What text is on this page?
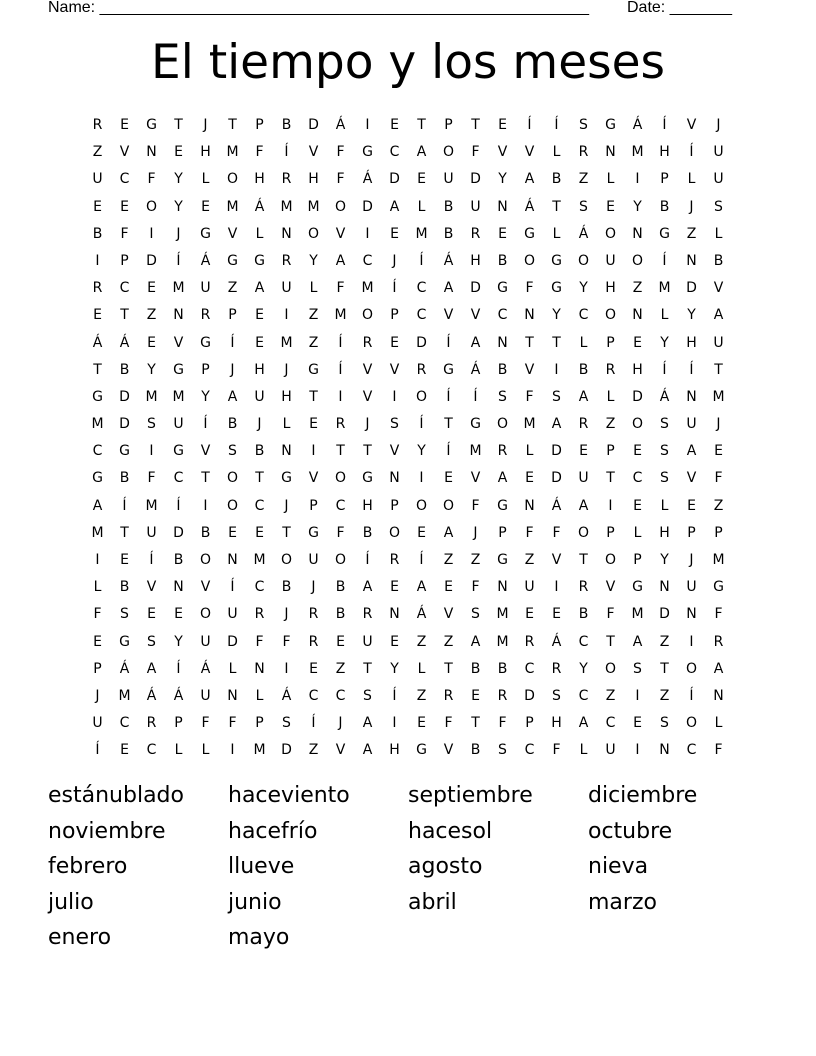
Name: _______________________________________________________ Date: _______
El tiempo y los meses
R	E	G	T	J	T	P	B	D	Á	I	E	T	P	T	E	Í	Í	S	G	Á	Í	V	J
Z	V	N	E	H	M	F	Í	V	F	G	C	A	O	F	V	V	L	R	N	M	H	Í	U
U	C	F	Y	L	O	H	R	H	F	Á	D	E	U	D	Y	A	B	Z	L	I	P	L	U
E	E	O	Y	E	M	Á	M	M	O	D	A	L	B	U	N	Á	T	S	E	Y	B	J	S
B	F	I	J	G	V	L	N	O	V	I	E	M	B	R	E	G	L	Á	O	N	G	Z	L
I	P	D	Í	Á	G	G	R	Y	A	C	J	Í	Á	H	B	O	G	O	U	O	Í	N	B
R	C	E	M	U	Z	A	U	L	F	M	Í	C	A	D	G	F	G	Y	H	Z	M	D	V
E	T	Z	N	R	P	E	I	Z	M	O	P	C	V	V	C	N	Y	C	O	N	L	Y	A
Á	Á	E	V	G	Í	E	M	Z	Í	R	E	D	Í	A	N	T	T	L	P	E	Y	H	U
T	B	Y	G	P	J	H	J	G	Í	V	V	R	G	Á	B	V	I	B	R	H	Í	Í	T
G	D	M	M	Y	A	U	H	T	I	V	I	O	Í	Í	S	F	S	A	L	D	Á	N	M
M	D	S	U	Í	B	J	L	E	R	J	S	Í	T	G	O	M	A	R	Z	O	S	U	J
C	G	I	G	V	S	B	N	I	T	T	V	Y	Í	M	R	L	D	E	P	E	S	A	E
G	B	F	C	T	O	T	G	V	O	G	N	I	E	V	A	E	D	U	T	C	S	V	F
A	Í	M	Í	I	O	C	J	P	C	H	P	O	O	F	G	N	Á	A	I	E	L	E	Z
M	T	U	D	B	E	E	T	G	F	B	O	E	A	J	P	F	F	O	P	L	H	P	P
I	E	Í	B	O	N	M	O	U	O	Í	R	Í	Z	Z	G	Z	V	T	O	P	Y	J	M
L	B	V	N	V	Í	C	B	J	B	A	E	A	E	F	N	U	I	R	V	G	N	U	G
F	S	E	E	O	U	R	J	R	B	R	N	Á	V	S	M	E	E	B	F	M	D	N	F
E	G	S	Y	U	D	F	F	R	E	U	E	Z	Z	A	M	R	Á	C	T	A	Z	I	R
P	Á	A	Í	Á	L	N	I	E	Z	T	Y	L	T	B	B	C	R	Y	O	S	T	O	A
J	M	Á	Á	U	N	L	Á	C	C	S	Í	Z	R	E	R	D	S	C	Z	I	Z	Í	N
U	C	R	P	F	F	P	S	Í	J	A	I	E	F	T	F	P	H	A	C	E	S	O	L
Í	E	C	L	L	I	M	D	Z	V	A	H	G	V	B	S	C	F	L	U	I	N	C	F
estánublado	haceviento	septiembre	diciembre
noviembre	hacefrío	hacesol	octubre
febrero	llueve	agosto	nieva
julio	junio	abril	marzo
enero	mayo
